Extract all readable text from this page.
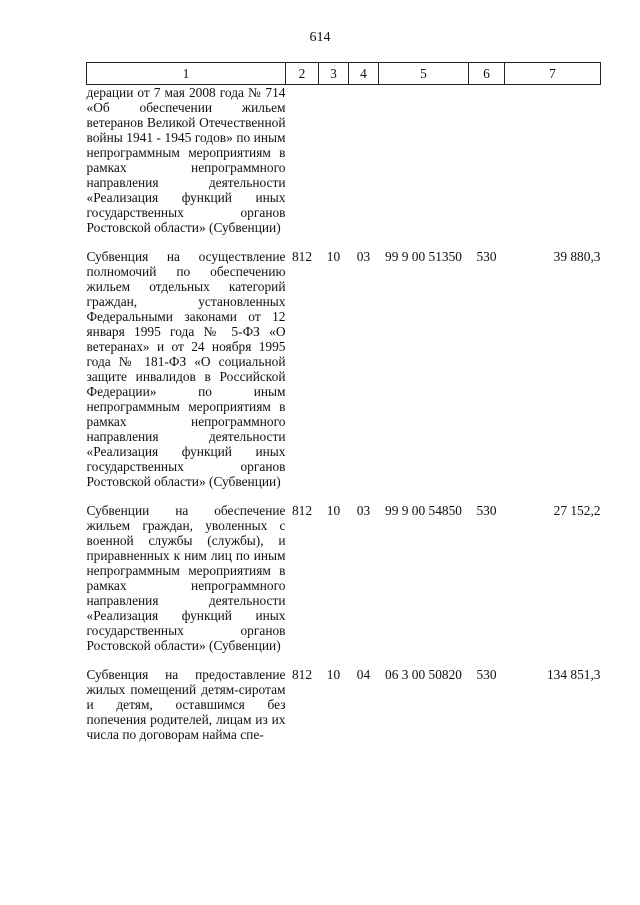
614
1	2	3	4	5	6	7
дерации от 7 мая 2008 года № 714 «Об обеспечении жильем ветеранов Великой Отечественной войны 1941 - 1945 годов» по иным непрограммным мероприятиям в рамках непрограммного направления деятельности «Реализация функций иных государственных органов Ростовской области» (Субвенции)						

Субвенция на осуществление полномочий по обеспечению жильем отдельных категорий граждан, установленных Федеральными законами от 12 января 1995 года № 5-ФЗ «О ветеранах» и от 24 ноября 1995 года № 181-ФЗ «О социальной защите инвалидов в Российской Федерации» по иным непрограммным мероприятиям в рамках непрограммного направления деятельности «Реализация функций иных государственных органов Ростовской области» (Субвенции)	812	10	03	99 9 00 51350	530	39 880,3

Субвенции на обеспечение жильем граждан, уволенных с военной службы (службы), и приравненных к ним лиц по иным непрограммным мероприятиям в рамках непрограммного направления деятельности «Реализация функций иных государственных органов Ростовской области» (Субвенции)	812	10	03	99 9 00 54850	530	27 152,2

Субвенция на предоставление жилых помещений детям-сиротам и детям, оставшимся без попечения родителей, лицам из их числа по договорам найма спе-	812	10	04	06 3 00 50820	530	134 851,3
